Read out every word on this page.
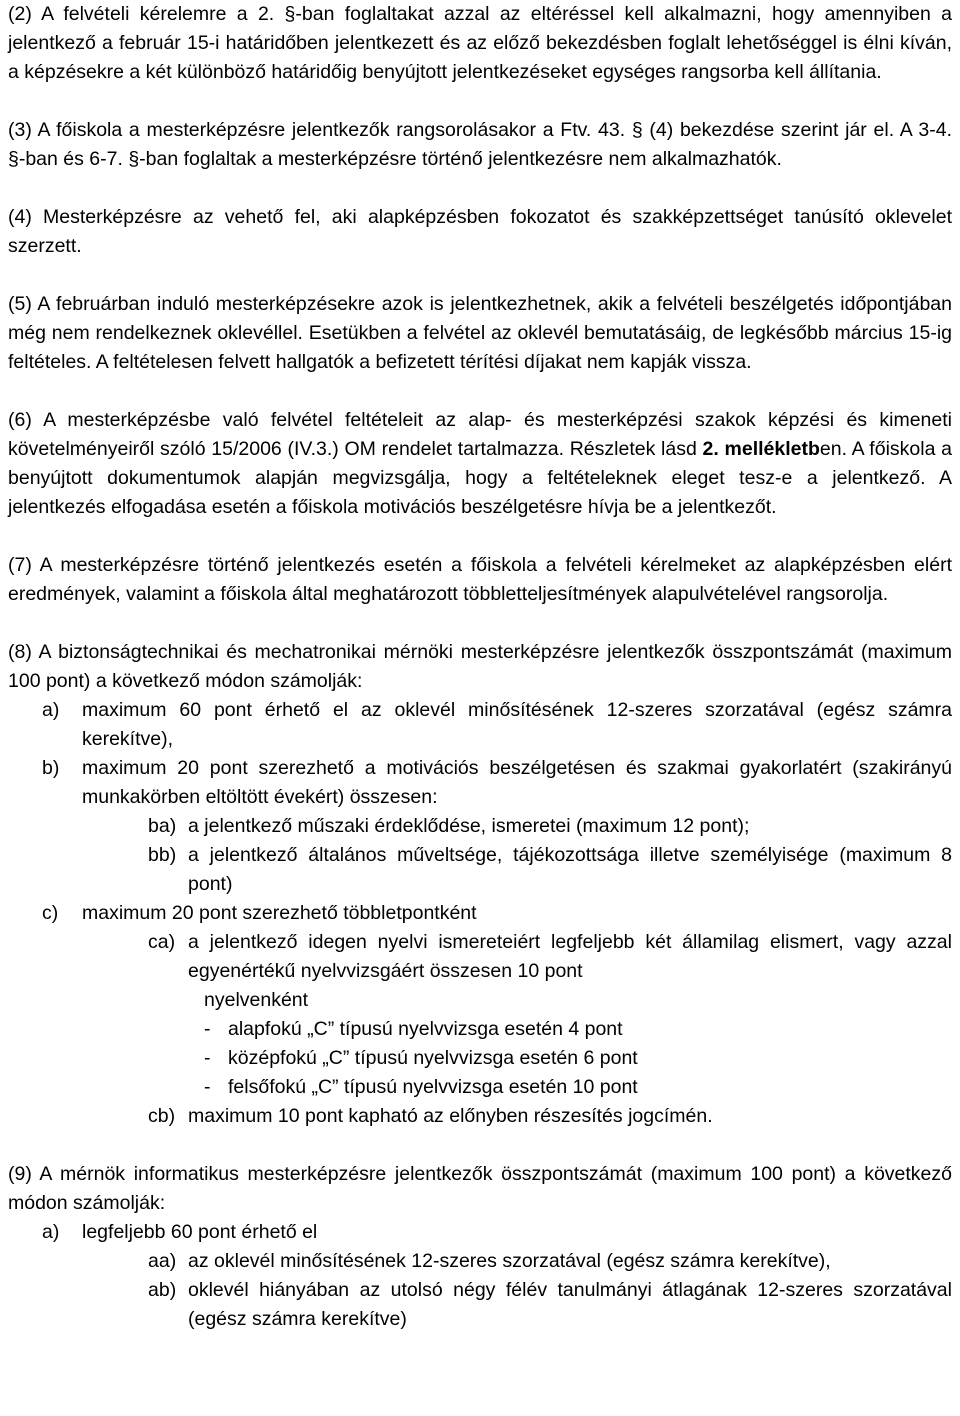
(2) A felvételi kérelemre a 2. §-ban foglaltakat azzal az eltéréssel kell alkalmazni, hogy amennyiben a jelentkező a február 15-i határidőben jelentkezett és az előző bekezdésben foglalt lehetőséggel is élni kíván, a képzésekre a két különböző határidőig benyújtott jelentkezéseket egységes rangsorba kell állítania.

(3) A főiskola a mesterképzésre jelentkezők rangsorolásakor a Ftv. 43. § (4) bekezdése szerint jár el. A 3-4. §-ban és 6-7. §-ban foglaltak a mesterképzésre történő jelentkezésre nem alkalmazhatók.

(4) Mesterképzésre az vehető fel, aki alapképzésben fokozatot és szakképzettséget tanúsító oklevelet szerzett.

(5) A februárban induló mesterképzésekre azok is jelentkezhetnek, akik a felvételi beszélgetés időpontjában még nem rendelkeznek oklevéllel. Esetükben a felvétel az oklevél bemutatásáig, de legkésőbb március 15-ig feltételes. A feltételesen felvett hallgatók a befizetett térítési díjakat nem kapják vissza.

(6) A mesterképzésbe való felvétel feltételeit az alap- és mesterképzési szakok képzési és kimeneti követelményeiről szóló 15/2006 (IV.3.) OM rendelet tartalmazza. Részletek lásd 2. mellékletben. A főiskola a benyújtott dokumentumok alapján megvizsgálja, hogy a feltételeknek eleget tesz-e a jelentkező. A jelentkezés elfogadása esetén a főiskola motivációs beszélgetésre hívja be a jelentkezőt.

(7) A mesterképzésre történő jelentkezés esetén a főiskola a felvételi kérelmeket az alapképzésben elért eredmények, valamint a főiskola által meghatározott többletteljesítmények alapulvételével rangsorolja.

(8) A biztonságtechnikai és mechatronikai mérnöki mesterképzésre jelentkezők összpontszámát (maximum 100 pont) a következő módon számolják:

a)	maximum 60 pont érhető el az oklevél minősítésének 12-szeres szorzatával (egész számra kerekítve),
b)	maximum 20 pont szerezhető a motivációs beszélgetésen és szakmai gyakorlatért (szakirányú munkakörben eltöltött évekért) összesen:
ba) a jelentkező műszaki érdeklődése, ismeretei (maximum 12 pont);
bb) a jelentkező általános műveltsége, tájékozottsága illetve személyisége (maximum 8 pont)
c)	maximum 20 pont szerezhető többletpontként
ca) a jelentkező idegen nyelvi ismereteiért legfeljebb két államilag elismert, vagy azzal egyenértékű nyelvvizsgáért összesen 10 pont
nyelvenként
- alapfokú „C” típusú nyelvvizsga esetén 4 pont
- középfokú „C” típusú nyelvvizsga esetén 6 pont
- felsőfokú „C” típusú nyelvvizsga esetén 10 pont
cb) maximum 10 pont kapható az előnyben részesítés jogcímén.

(9) A mérnök informatikus mesterképzésre jelentkezők összpontszámát (maximum 100 pont) a következő módon számolják:

a)	legfeljebb 60 pont érhető el
aa) az oklevél minősítésének 12-szeres szorzatával (egész számra kerekítve),
ab) oklevél hiányában az utolsó négy félév tanulmányi átlagának 12-szeres szorzatával (egész számra kerekítve)
